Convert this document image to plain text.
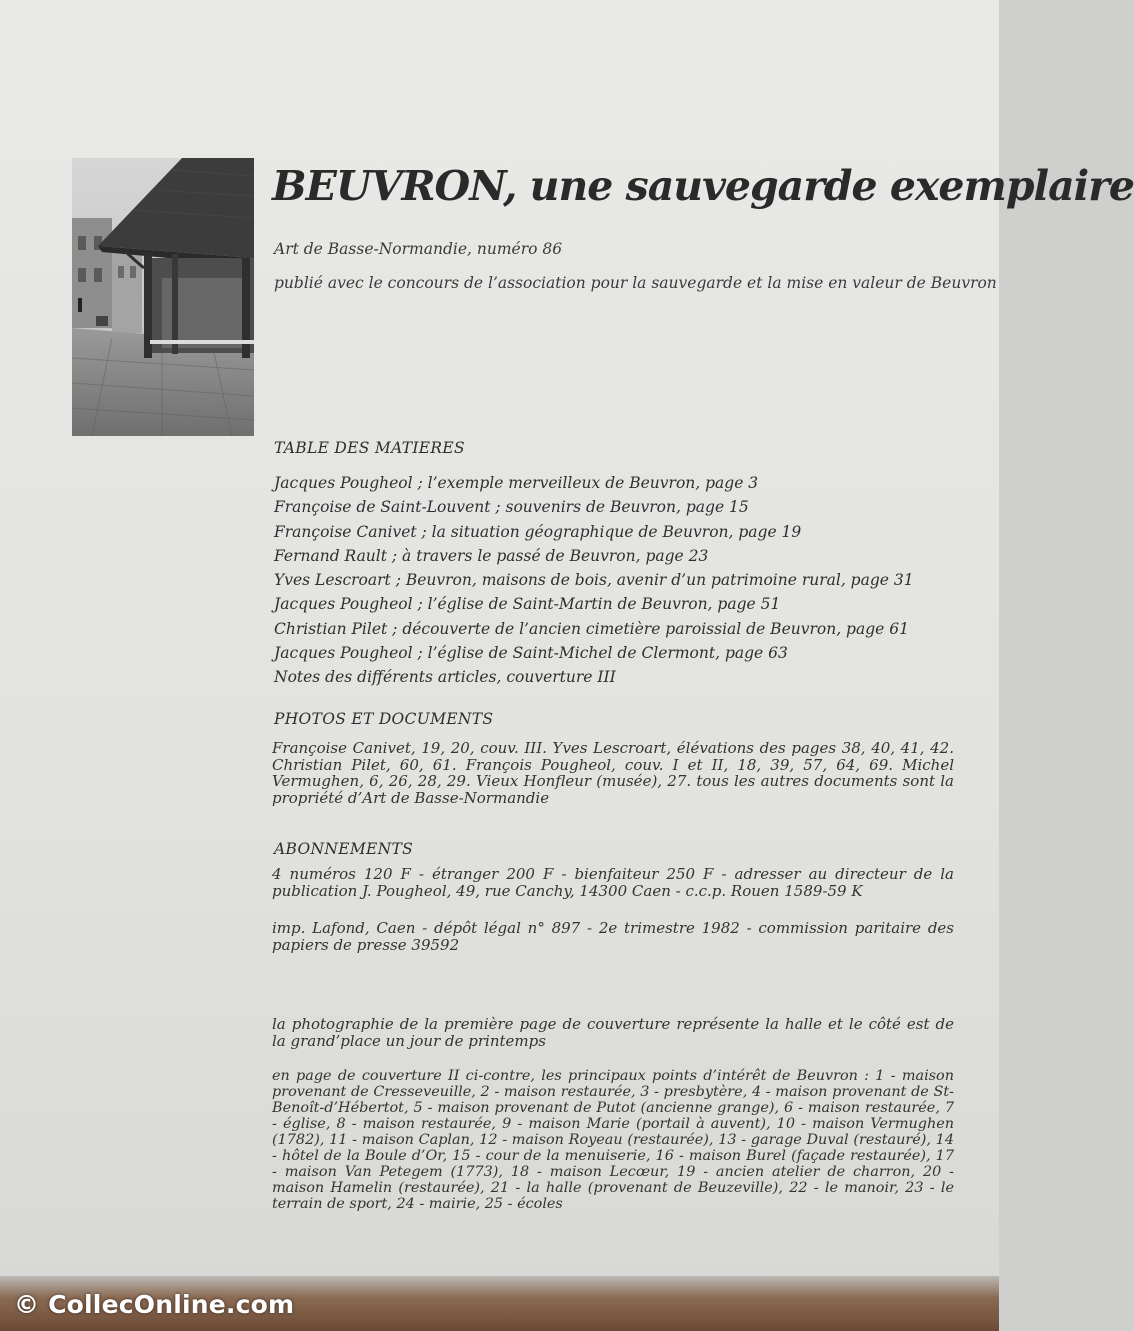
BEUVRON, une sauvegarde exemplaire
Art de Basse-Normandie, numéro 86
publié avec le concours de l’association pour la sauvegarde et la mise en valeur de Beuvron
TABLE DES MATIERES
Jacques Pougheol ; l’exemple merveilleux de Beuvron, page 3
Françoise de Saint-Louvent ; souvenirs de Beuvron, page 15
Françoise Canivet ; la situation géographique de Beuvron, page 19
Fernand Rault ; à travers le passé de Beuvron, page 23
Yves Lescroart ; Beuvron, maisons de bois, avenir d’un patrimoine rural, page 31
Jacques Pougheol ; l’église de Saint-Martin de Beuvron, page 51
Christian Pilet ; découverte de l’ancien cimetière paroissial de Beuvron, page 61
Jacques Pougheol ; l’église de Saint-Michel de Clermont, page 63
Notes des différents articles, couverture III
PHOTOS ET DOCUMENTS
Françoise Canivet, 19, 20, couv. III. Yves Lescroart, élévations des pages 38, 40, 41, 42. Christian Pilet, 60, 61. François Pougheol, couv. I et II, 18, 39, 57, 64, 69. Michel Vermughen, 6, 26, 28, 29. Vieux Honfleur (musée), 27. tous les autres documents sont la propriété d’Art de Basse-Normandie
ABONNEMENTS
4 numéros 120 F - étranger 200 F - bienfaiteur 250 F - adresser au directeur de la publication J. Pougheol, 49, rue Canchy, 14300 Caen - c.c.p. Rouen 1589-59 K
imp. Lafond, Caen - dépôt légal n° 897 - 2e trimestre 1982 - commission paritaire des papiers de presse 39592
la photographie de la première page de couverture représente la halle et le côté est de la grand’place un jour de printemps
en page de couverture II ci-contre, les principaux points d’intérêt de Beuvron : 1 - maison provenant de Cresseveuille, 2 - maison restaurée, 3 - presbytère, 4 - maison provenant de St-Benoît-d’Hébertot, 5 - maison provenant de Putot (ancienne grange), 6 - maison restaurée, 7 - église, 8 - maison restaurée, 9 - maison Marie (portail à auvent), 10 - maison Vermughen (1782), 11 - maison Caplan, 12 - maison Royeau (restaurée), 13 - garage Duval (restauré), 14 - hôtel de la Boule d’Or, 15 - cour de la menuiserie, 16 - maison Burel (façade restaurée), 17 - maison Van Petegem (1773), 18 - maison Lecœur, 19 - ancien atelier de charron, 20 - maison Hamelin (restaurée), 21 - la halle (provenant de Beuzeville), 22 - le manoir, 23 - le terrain de sport, 24 - mairie, 25 - écoles
© CollecOnline.com
